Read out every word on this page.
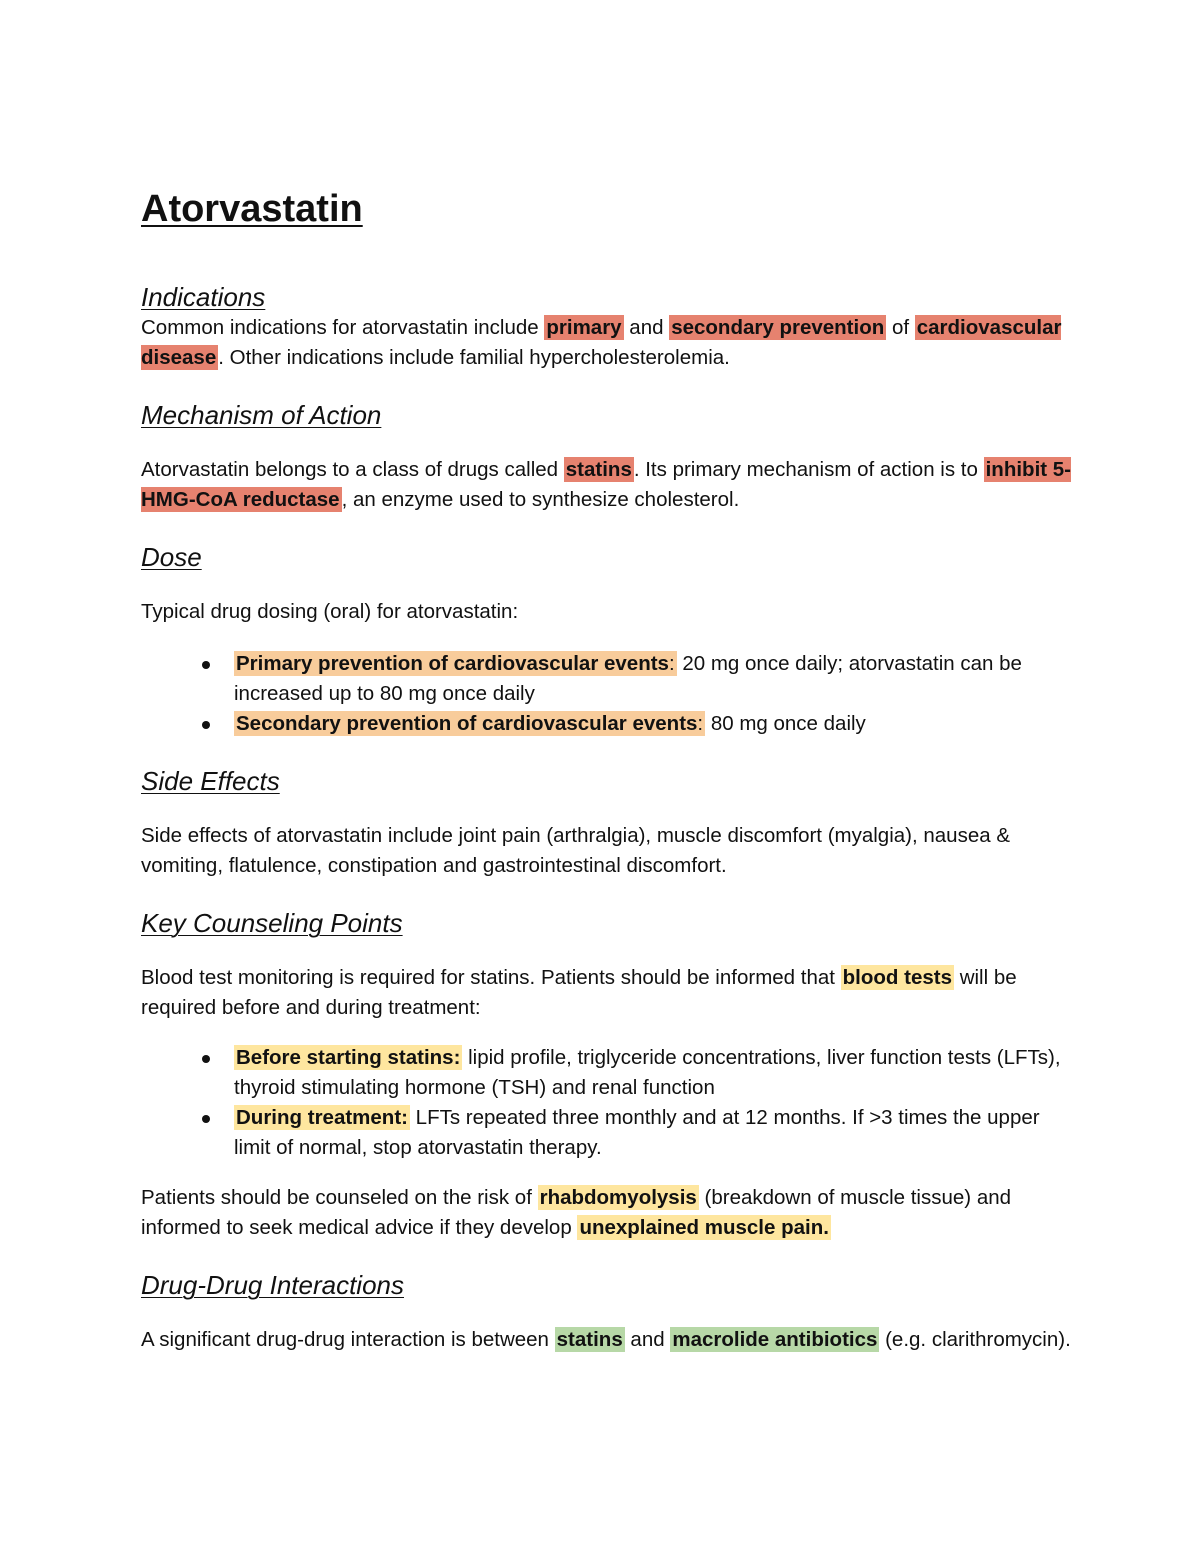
Atorvastatin
Indications

Common indications for atorvastatin include primary and secondary prevention of cardiovascular disease. Other indications include familial hypercholesterolemia.

Mechanism of Action

Atorvastatin belongs to a class of drugs called statins. Its primary mechanism of action is to inhibit 5-HMG-CoA reductase, an enzyme used to synthesize cholesterol.

Dose

Typical drug dosing (oral) for atorvastatin:

Primary prevention of cardiovascular events: 20 mg once daily; atorvastatin can be increased up to 80 mg once daily
Secondary prevention of cardiovascular events: 80 mg once daily
Side Effects

Side effects of atorvastatin include joint pain (arthralgia), muscle discomfort (myalgia), nausea & vomiting, flatulence, constipation and gastrointestinal discomfort.

Key Counseling Points

Blood test monitoring is required for statins. Patients should be informed that blood tests will be required before and during treatment:

Before starting statins: lipid profile, triglyceride concentrations, liver function tests (LFTs), thyroid stimulating hormone (TSH) and renal function
During treatment: LFTs repeated three monthly and at 12 months. If >3 times the upper limit of normal, stop atorvastatin therapy.

Patients should be counseled on the risk of rhabdomyolysis (breakdown of muscle tissue) and informed to seek medical advice if they develop unexplained muscle pain.

Drug-Drug Interactions

A significant drug-drug interaction is between statins and macrolide antibiotics (e.g. clarithromycin).
